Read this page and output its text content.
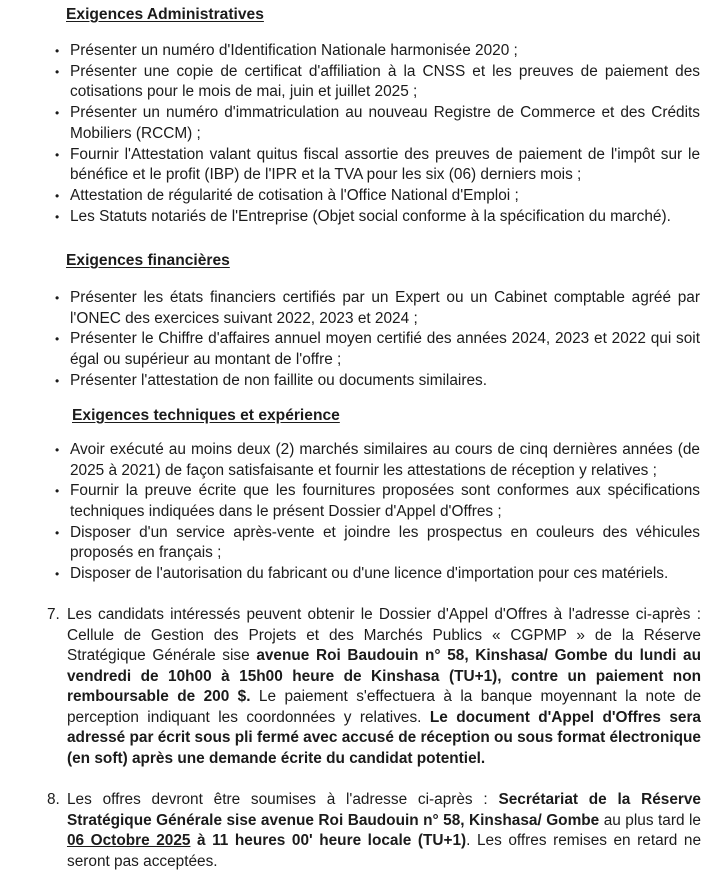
Exigences Administratives
• Présenter un numéro d'Identification Nationale harmonisée 2020 ;
• Présenter une copie de certificat d'affiliation à la CNSS et les preuves de paiement des cotisations pour le mois de mai, juin et juillet 2025 ;
• Présenter un numéro d'immatriculation au nouveau Registre de Commerce et des Crédits Mobiliers (RCCM) ;
• Fournir l'Attestation valant quitus fiscal assortie des preuves de paiement de l'impôt sur le bénéfice et le profit (IBP) de l'IPR et la TVA pour les six (06) derniers mois ;
• Attestation de régularité de cotisation à l'Office National d'Emploi ;
• Les Statuts notariés de l'Entreprise (Objet social conforme à la spécification du marché).
Exigences financières
• Présenter les états financiers certifiés par un Expert ou un Cabinet comptable agréé par l'ONEC des exercices suivant 2022, 2023 et 2024 ;
• Présenter le Chiffre d'affaires annuel moyen certifié des années 2024, 2023 et 2022 qui soit égal ou supérieur au montant de l'offre ;
• Présenter l'attestation de non faillite ou documents similaires.
Exigences techniques et expérience
• Avoir exécuté au moins deux (2) marchés similaires au cours de cinq dernières années (de 2025 à 2021) de façon satisfaisante et fournir les attestations de réception y relatives ;
• Fournir la preuve écrite que les fournitures proposées sont conformes aux spécifications techniques indiquées dans le présent Dossier d'Appel d'Offres ;
• Disposer d'un service après-vente et joindre les prospectus en couleurs des véhicules proposés en français ;
• Disposer de l'autorisation du fabricant ou d'une licence d'importation pour ces matériels.
7. Les candidats intéressés peuvent obtenir le Dossier d'Appel d'Offres à l'adresse ci-après : Cellule de Gestion des Projets et des Marchés Publics « CGPMP » de la Réserve Stratégique Générale sise avenue Roi Baudouin n° 58, Kinshasa/ Gombe du lundi au vendredi de 10h00 à 15h00 heure de Kinshasa (TU+1), contre un paiement non remboursable de 200 $. Le paiement s'effectuera à la banque moyennant la note de perception indiquant les coordonnées y relatives. Le document d'Appel d'Offres sera adressé par écrit sous pli fermé avec accusé de réception ou sous format électronique (en soft) après une demande écrite du candidat potentiel.

8. Les offres devront être soumises à l'adresse ci-après : Secrétariat de la Réserve Stratégique Générale sise avenue Roi Baudouin n° 58, Kinshasa/ Gombe au plus tard le 06 Octobre 2025 à 11 heures 00' heure locale (TU+1). Les offres remises en retard ne seront pas acceptées.
